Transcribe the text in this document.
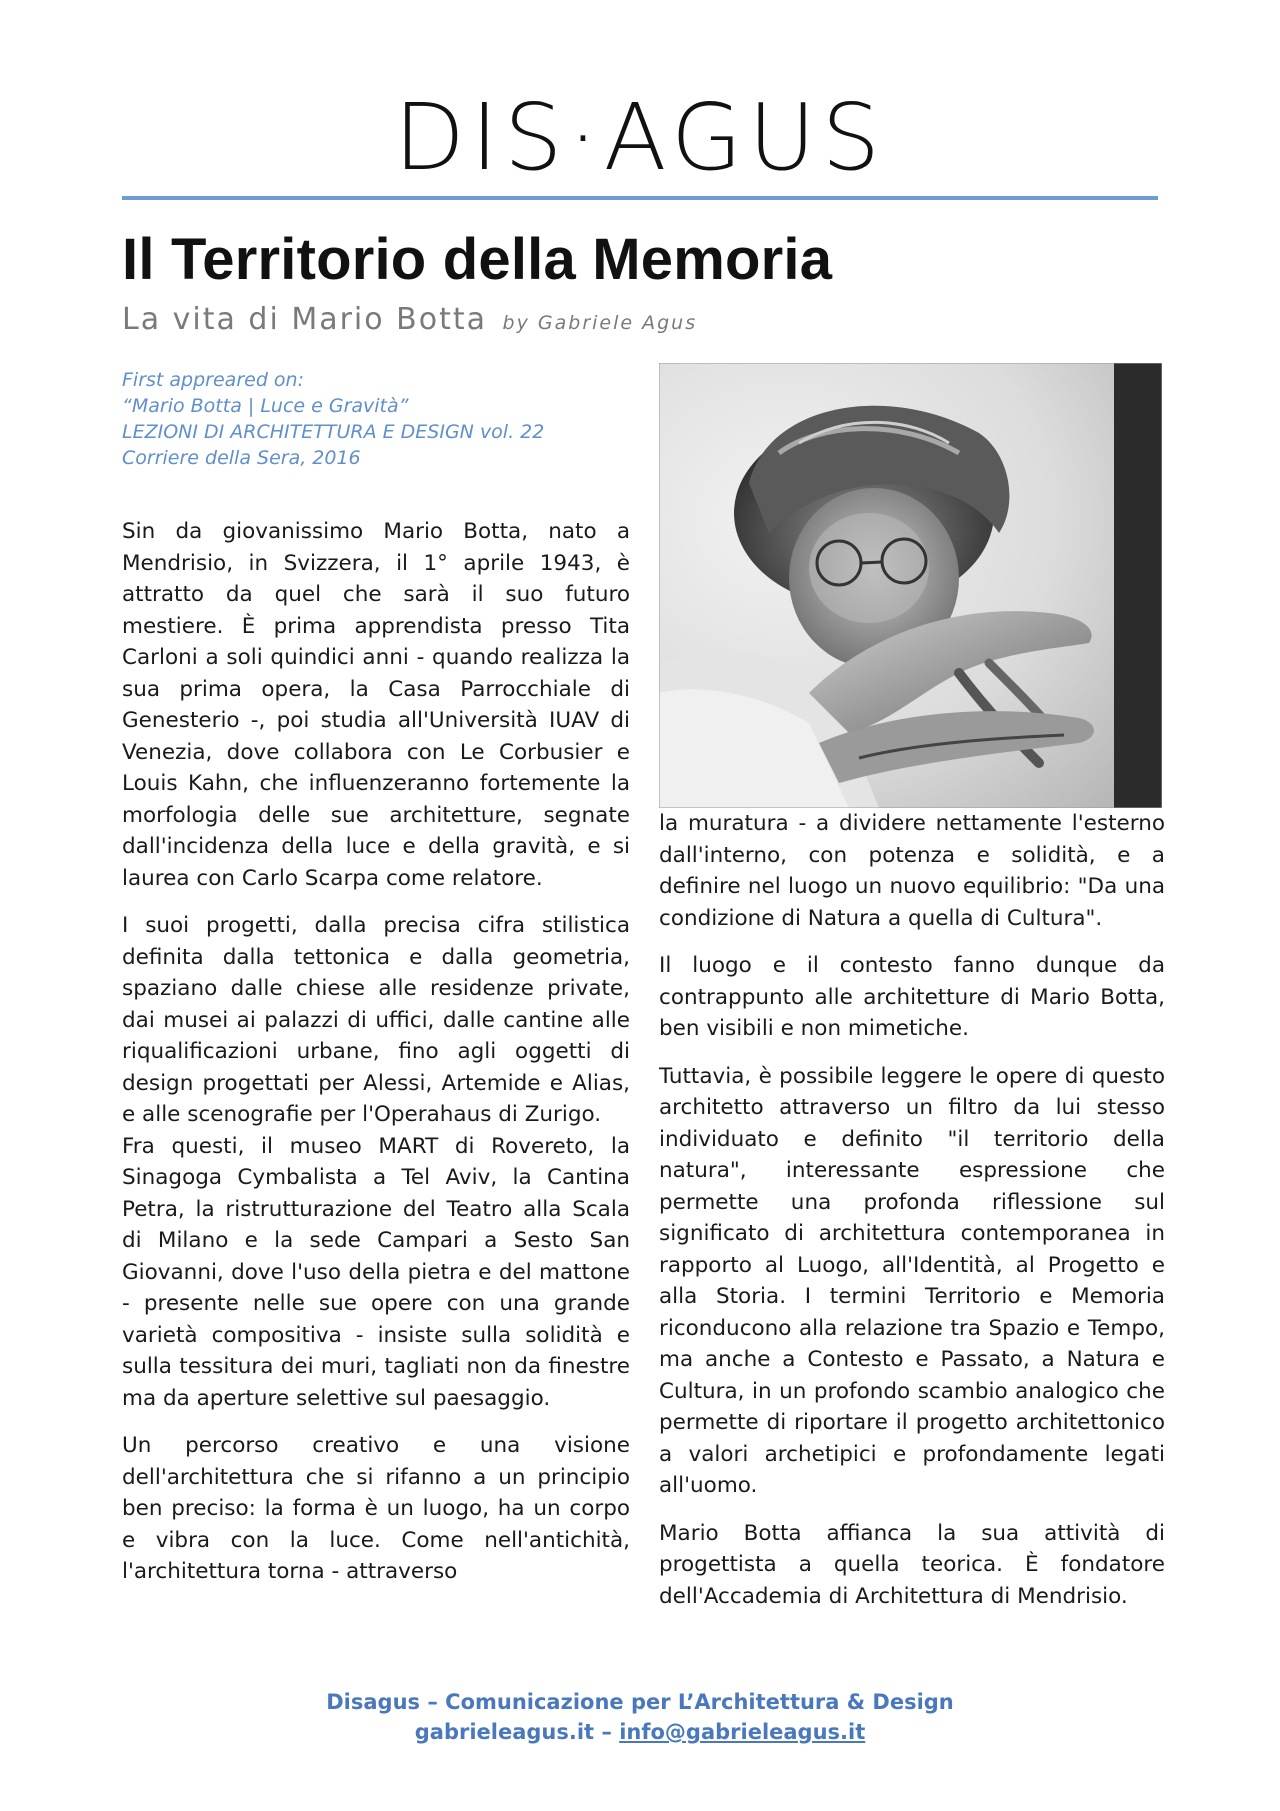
DIS·AGUS
Il Territorio della Memoria
La vita di Mario Botta by Gabriele Agus
First appreared on:
“Mario Botta | Luce e Gravità”
LEZIONI DI ARCHITETTURA E DESIGN vol. 22
Corriere della Sera, 2016

Sin da giovanissimo Mario Botta, nato a Mendrisio, in Svizzera, il 1° aprile 1943, è attratto da quel che sarà il suo futuro mestiere. È prima apprendista presso Tita Carloni a soli quindici anni - quando realizza la sua prima opera, la Casa Parrocchiale di Genesterio -, poi studia all'Università IUAV di Venezia, dove collabora con Le Corbusier e Louis Kahn, che influenzeranno fortemente la morfologia delle sue architetture, segnate dall'incidenza della luce e della gravità, e si laurea con Carlo Scarpa come relatore.

I suoi progetti, dalla precisa cifra stilistica definita dalla tettonica e dalla geometria, spaziano dalle chiese alle residenze private, dai musei ai palazzi di uffici, dalle cantine alle riqualificazioni urbane, fino agli oggetti di design progettati per Alessi, Artemide e Alias, e alle scenografie per l'Operahaus di Zurigo.

Fra questi, il museo MART di Rovereto, la Sinagoga Cymbalista a Tel Aviv, la Cantina Petra, la ristrutturazione del Teatro alla Scala di Milano e la sede Campari a Sesto San Giovanni, dove l'uso della pietra e del mattone - presente nelle sue opere con una grande varietà compositiva - insiste sulla solidità e sulla tessitura dei muri, tagliati non da finestre ma da aperture selettive sul paesaggio.

Un percorso creativo e una visione dell'architettura che si rifanno a un principio ben preciso: la forma è un luogo, ha un corpo e vibra con la luce. Come nell'antichità, l'architettura torna - attraverso

la muratura - a dividere nettamente l'esterno dall'interno, con potenza e solidità, e a definire nel luogo un nuovo equilibrio: "Da una condizione di Natura a quella di Cultura".

Il luogo e il contesto fanno dunque da contrappunto alle architetture di Mario Botta, ben visibili e non mimetiche.

Tuttavia, è possibile leggere le opere di questo architetto attraverso un filtro da lui stesso individuato e definito "il territorio della natura", interessante espressione che permette una profonda riflessione sul significato di architettura contemporanea in rapporto al Luogo, all'Identità, al Progetto e alla Storia. I termini Territorio e Memoria riconducono alla relazione tra Spazio e Tempo, ma anche a Contesto e Passato, a Natura e Cultura, in un profondo scambio analogico che permette di riportare il progetto architettonico a valori archetipici e profondamente legati all'uomo.

Mario Botta affianca la sua attività di progettista a quella teorica. È fondatore dell'Accademia di Architettura di Mendrisio.

Disagus – Comunicazione per L’Architettura & Design
gabrieleagus.it – info@gabrieleagus.it
